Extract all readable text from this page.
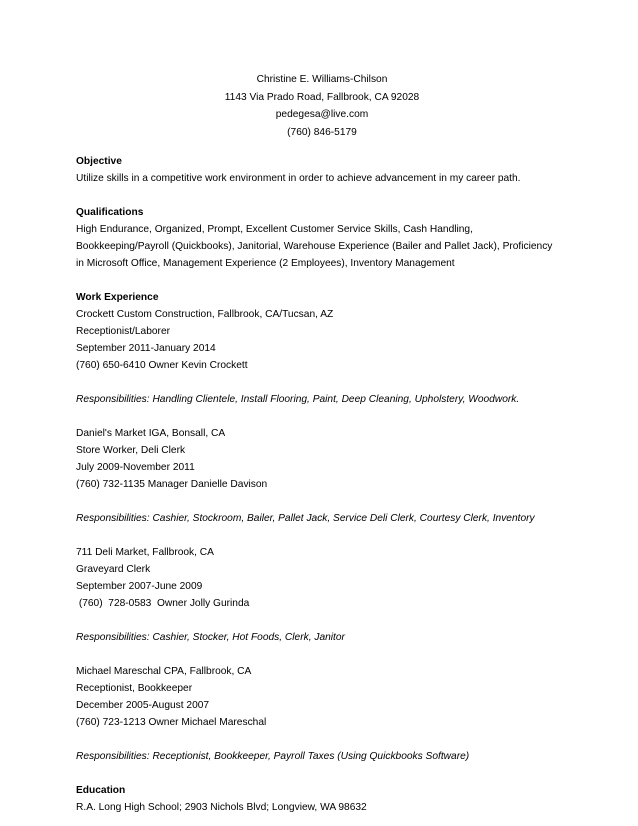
Christine E. Williams-Chilson
1143 Via Prado Road, Fallbrook, CA 92028
pedegesa@live.com
(760) 846-5179
Objective
Utilize skills in a competitive work environment in order to achieve advancement in my career path.
Qualifications
High Endurance, Organized, Prompt, Excellent Customer Service Skills, Cash Handling,
Bookkeeping/Payroll (Quickbooks), Janitorial, Warehouse Experience (Bailer and Pallet Jack), Proficiency
in Microsoft Office, Management Experience (2 Employees), Inventory Management
Work Experience
Crockett Custom Construction, Fallbrook, CA/Tucsan, AZ
Receptionist/Laborer
September 2011-January 2014
(760) 650-6410 Owner Kevin Crockett
Responsibilities: Handling Clientele, Install Flooring, Paint, Deep Cleaning, Upholstery, Woodwork.
Daniel's Market IGA, Bonsall, CA
Store Worker, Deli Clerk
July 2009-November 2011
(760) 732-1135 Manager Danielle Davison
Responsibilities: Cashier, Stockroom, Bailer, Pallet Jack, Service Deli Clerk, Courtesy Clerk, Inventory
711 Deli Market, Fallbrook, CA
Graveyard Clerk
September 2007-June 2009
(760)  728-0583  Owner Jolly Gurinda
Responsibilities: Cashier, Stocker, Hot Foods, Clerk, Janitor
Michael Mareschal CPA, Fallbrook, CA
Receptionist, Bookkeeper
December 2005-August 2007
(760) 723-1213 Owner Michael Mareschal
Responsibilities: Receptionist, Bookkeeper, Payroll Taxes (Using Quickbooks Software)
Education
R.A. Long High School; 2903 Nichols Blvd; Longview, WA 98632
